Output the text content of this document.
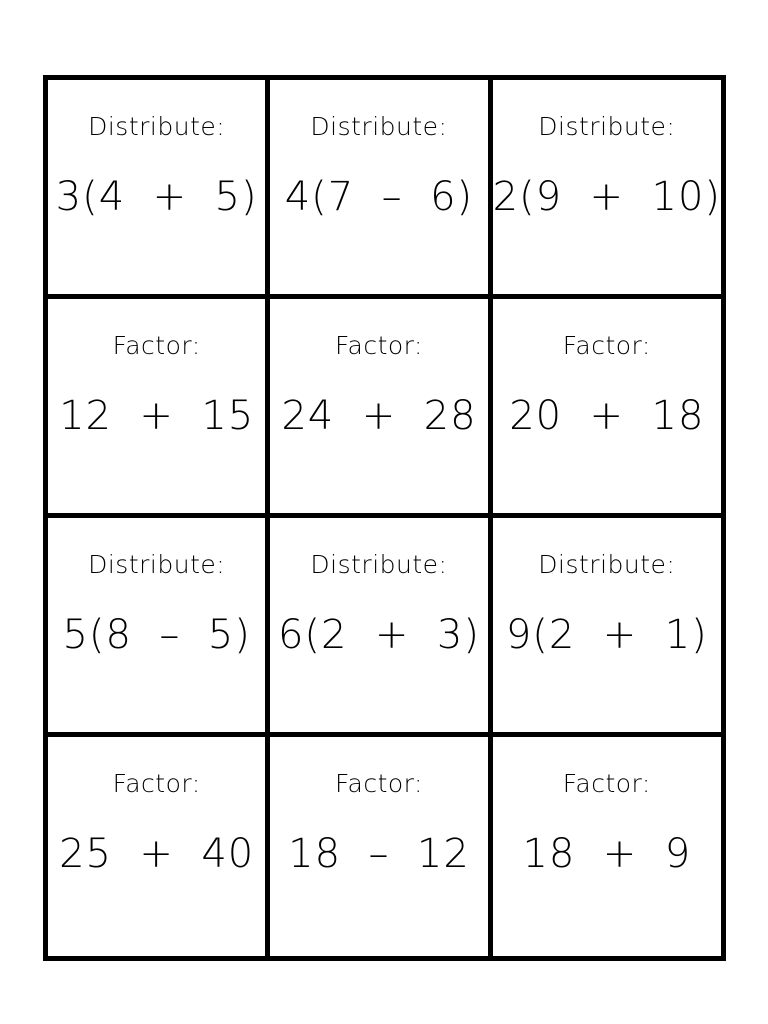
Distribute:
3(4  +  5)
Distribute:
4(7  –  6)
Distribute:
2(9  +  10)
Factor:
12  +  15
Factor:
24  +  28
Factor:
20  +  18
Distribute:
5(8  –  5)
Distribute:
6(2  +  3)
Distribute:
9(2  +  1)
Factor:
25  +  40
Factor:
18  –  12
Factor:
18  +  9
